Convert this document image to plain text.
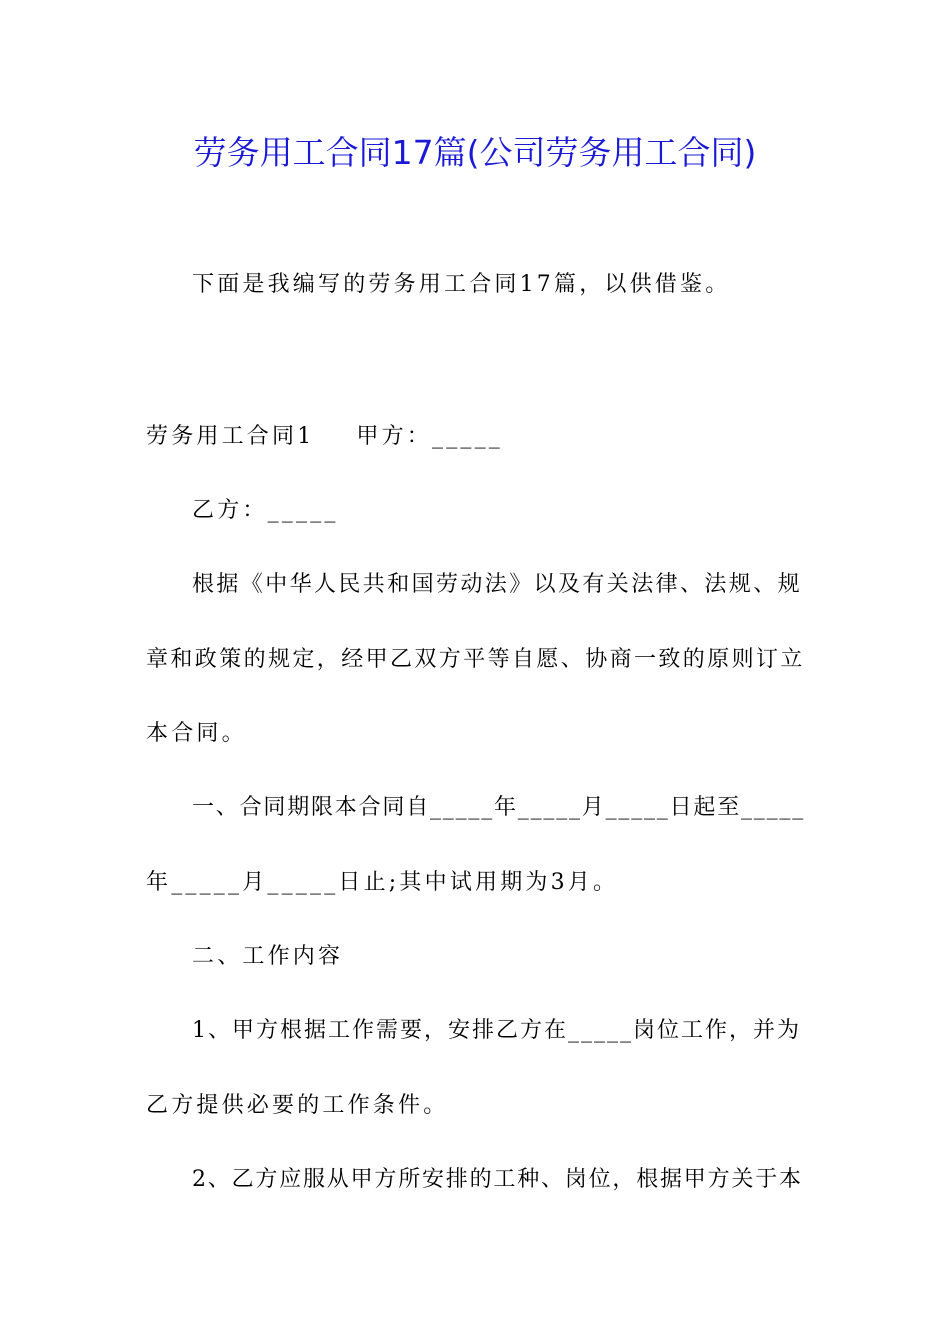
劳务用工合同17篇(公司劳务用工合同)
下面是我编写的劳务用工合同17篇，以供借鉴。
劳务用工合同1 甲方：_____
乙方：_____
根据《中华人民共和国劳动法》以及有关法律、法规、规
章和政策的规定，经甲乙双方平等自愿、协商一致的原则订立
本合同。
一、合同期限本合同自_____年_____月_____日起至_____
年_____月_____日止;其中试用期为3月。
二、工作内容
1、甲方根据工作需要，安排乙方在_____岗位工作，并为
乙方提供必要的工作条件。
2、乙方应服从甲方所安排的工种、岗位，根据甲方关于本
